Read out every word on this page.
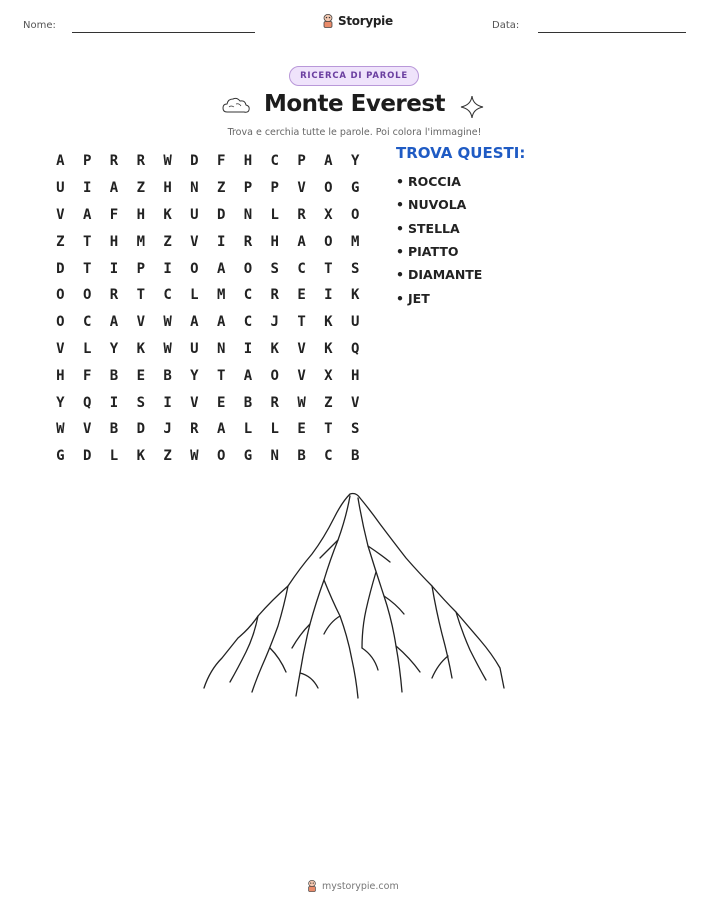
Nome:	Storypie	Data:
RICERCA DI PAROLE
Monte Everest
Trova e cerchia tutte le parole. Poi colora l'immagine!
A	P	R	R	W	D	F	H	C	P	A	Y
U	I	A	Z	H	N	Z	P	P	V	O	G
V	A	F	H	K	U	D	N	L	R	X	O
Z	T	H	M	Z	V	I	R	H	A	O	M
D	T	I	P	I	O	A	O	S	C	T	S
O	O	R	T	C	L	M	C	R	E	I	K
O	C	A	V	W	A	A	C	J	T	K	U
V	L	Y	K	W	U	N	I	K	V	K	Q
H	F	B	E	B	Y	T	A	O	V	X	H
Y	Q	I	S	I	V	E	B	R	W	Z	V
W	V	B	D	J	R	A	L	L	E	T	S
G	D	L	K	Z	W	O	G	N	B	C	B
TROVA QUESTI:
• ROCCIA
• NUVOLA
• STELLA
• PIATTO
• DIAMANTE
• JET
mystorypie.com
